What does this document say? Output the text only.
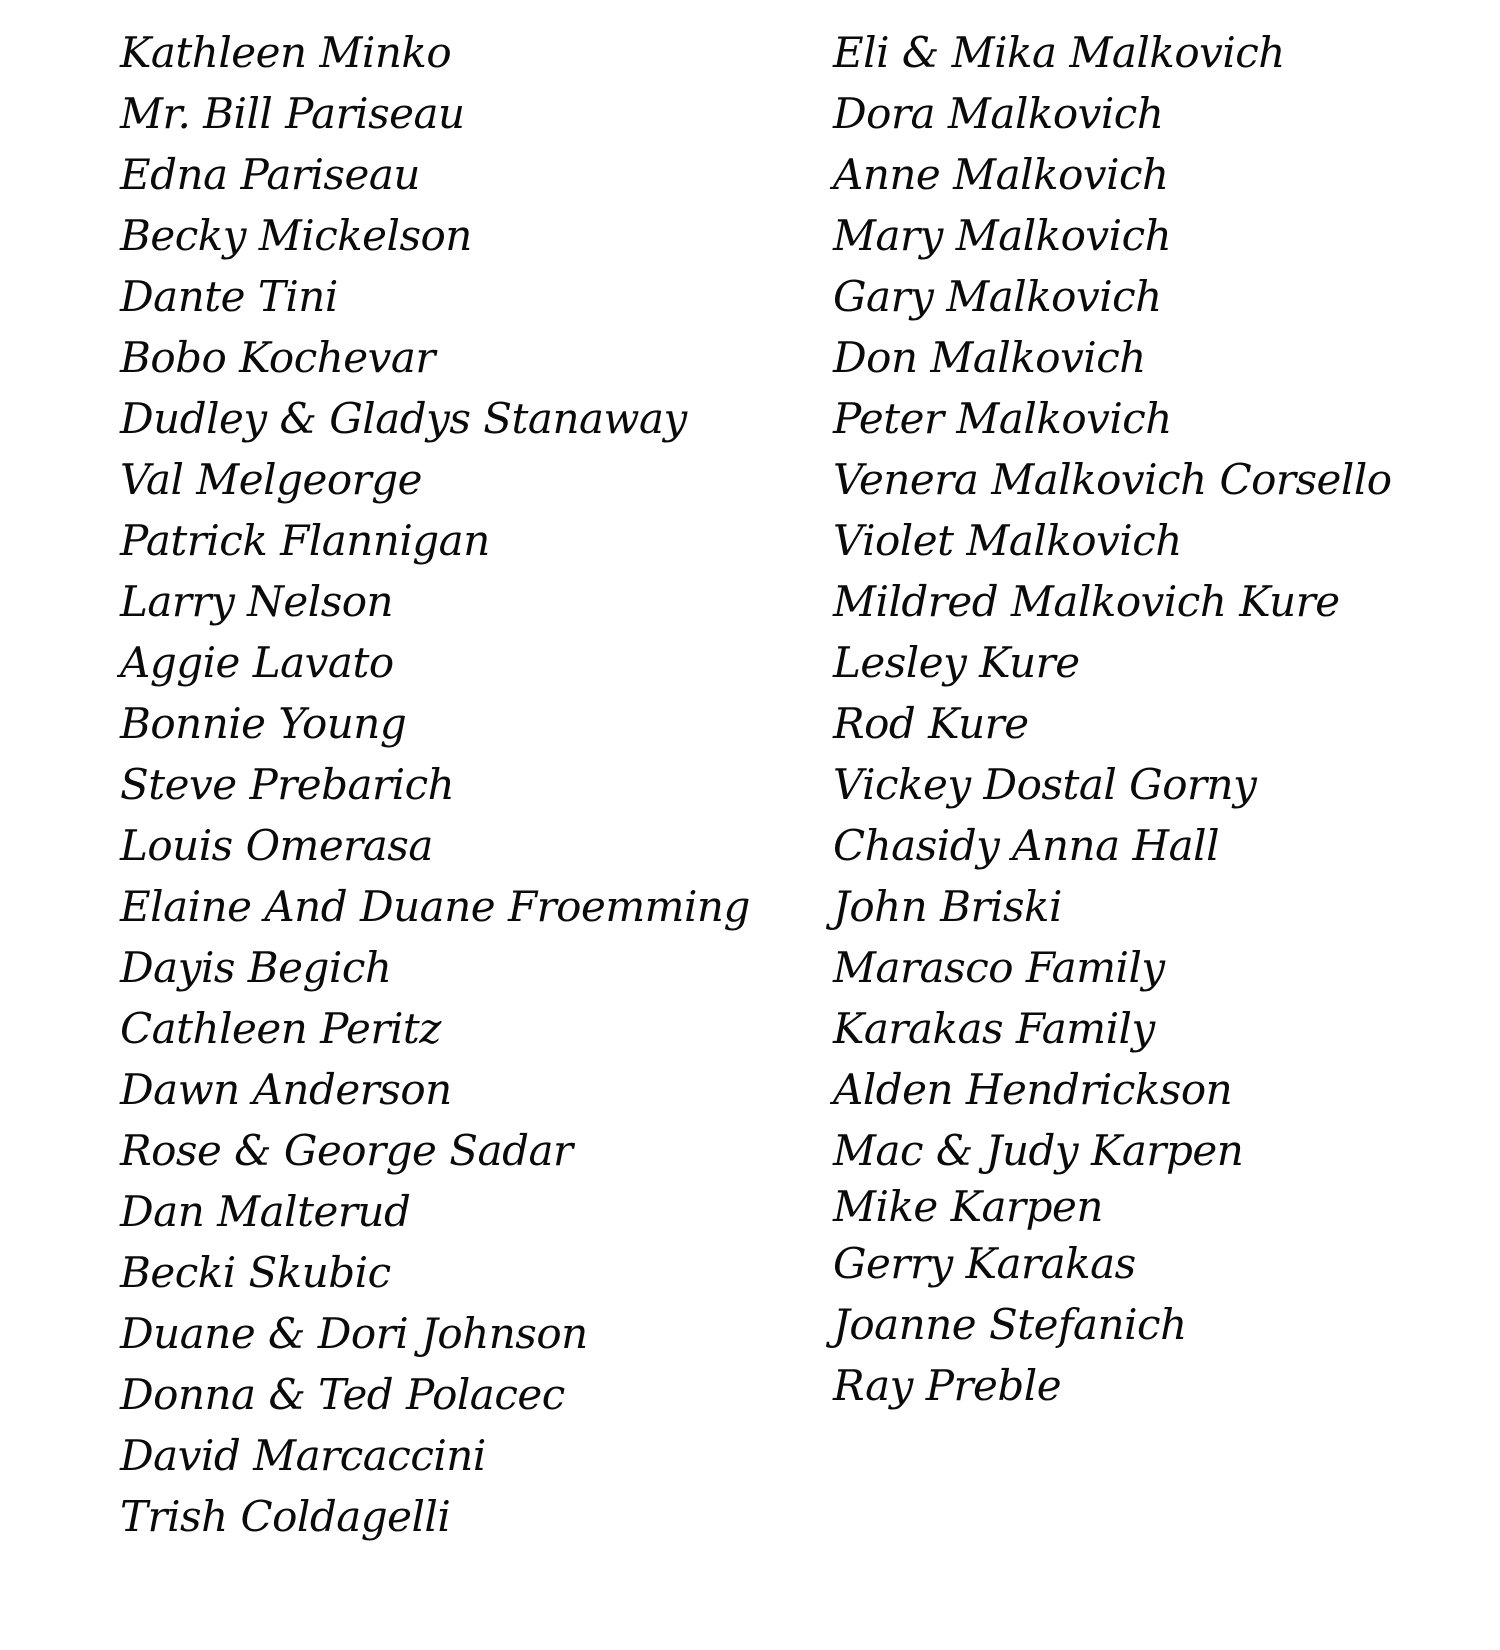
Kathleen Minko
Mr. Bill Pariseau
Edna Pariseau
Becky Mickelson
Dante Tini
Bobo Kochevar
Dudley & Gladys Stanaway
Val Melgeorge
Patrick Flannigan
Larry Nelson
Aggie Lavato
Bonnie Young
Steve Prebarich
Louis Omerasa
Elaine And Duane Froemming
Dayis Begich
Cathleen Peritz
Dawn Anderson
Rose & George Sadar
Dan Malterud
Becki Skubic
Duane & Dori Johnson
Donna & Ted Polacec
David Marcaccini
Trish Coldagelli
Eli & Mika Malkovich
Dora Malkovich
Anne Malkovich
Mary Malkovich
Gary Malkovich
Don Malkovich
Peter Malkovich
Venera Malkovich Corsello
Violet Malkovich
Mildred Malkovich Kure
Lesley Kure
Rod Kure
Vickey Dostal Gorny
Chasidy Anna Hall
John Briski
Marasco Family
Karakas Family
Alden Hendrickson
Mac & Judy Karpen
Mike Karpen
Gerry Karakas
Joanne Stefanich
Ray Preble
